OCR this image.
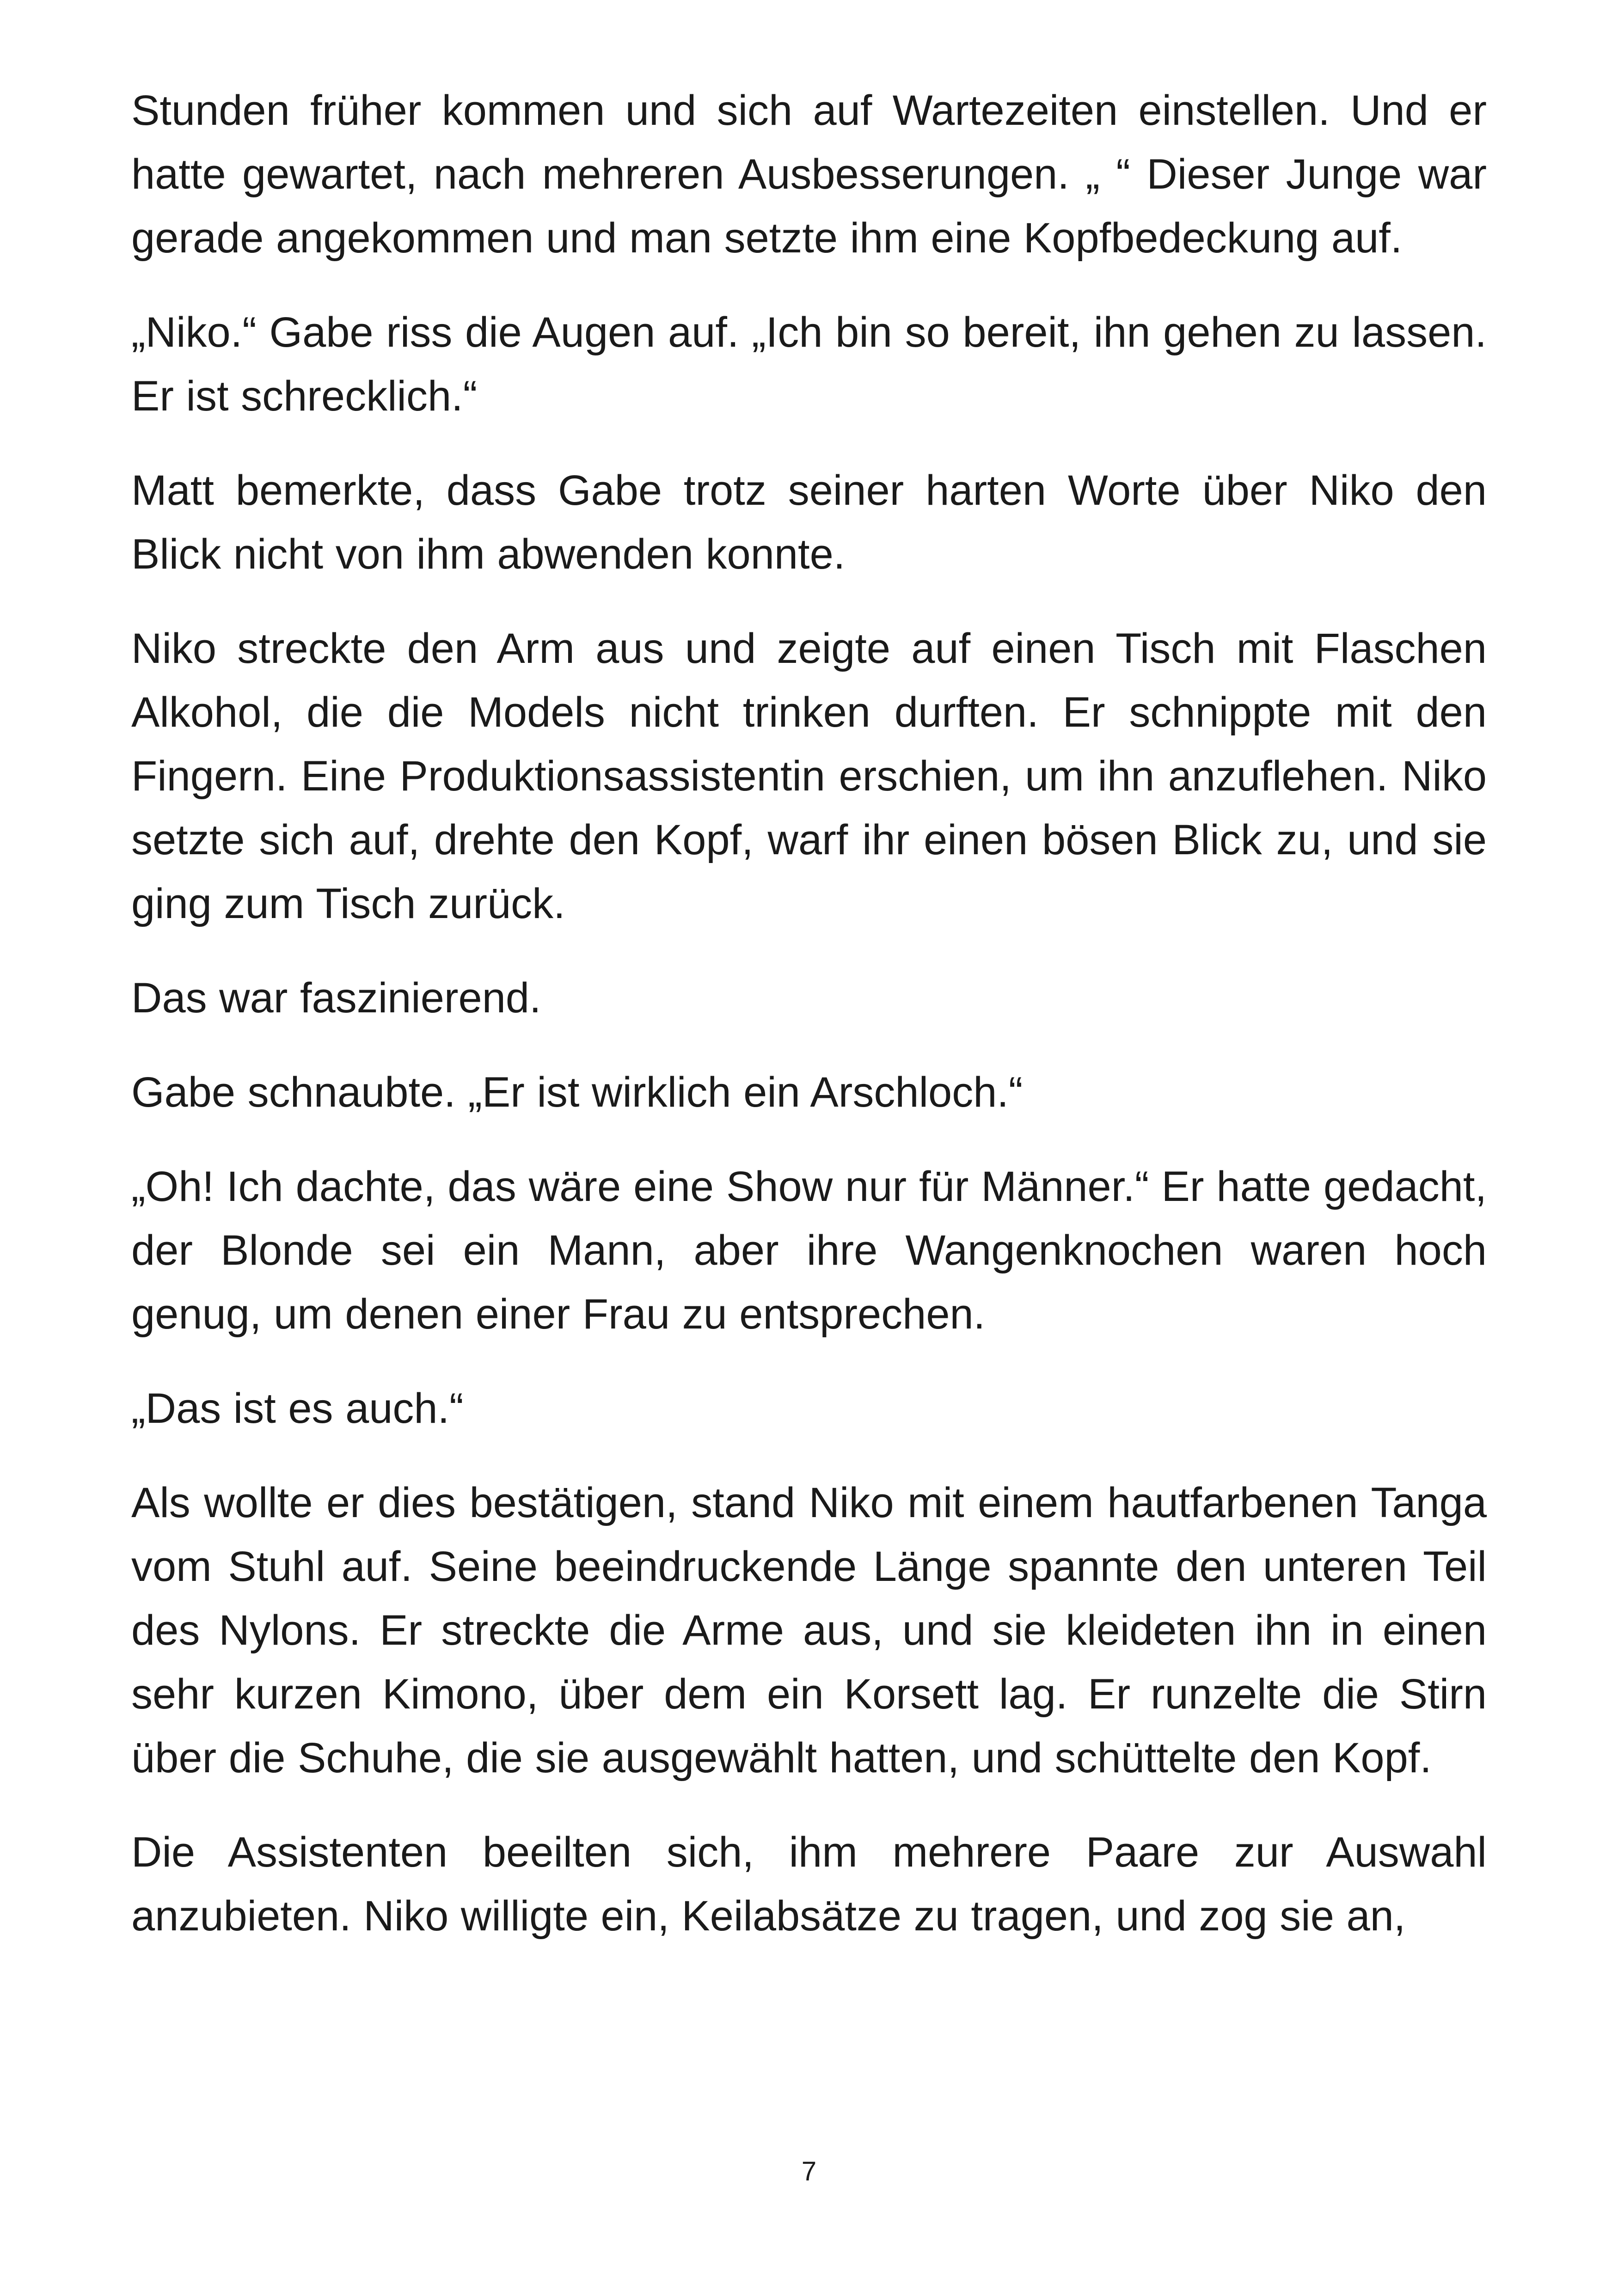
Stunden früher kommen und sich auf Wartezeiten einstellen. Und er hatte gewartet, nach mehreren Ausbesserungen. „ “ Dieser Junge war gerade angekommen und man setzte ihm eine Kopfbedeckung auf.

„Niko.“ Gabe riss die Augen auf. „Ich bin so bereit, ihn gehen zu lassen. Er ist schrecklich.“

Matt bemerkte, dass Gabe trotz seiner harten Worte über Niko den Blick nicht von ihm abwenden konnte.

Niko streckte den Arm aus und zeigte auf einen Tisch mit Flaschen Alkohol, die die Models nicht trinken durften. Er schnippte mit den Fingern. Eine Produktionsassistentin erschien, um ihn anzuflehen. Niko setzte sich auf, drehte den Kopf, warf ihr einen bösen Blick zu, und sie ging zum Tisch zurück.

Das war faszinierend.

Gabe schnaubte. „Er ist wirklich ein Arschloch.“

„Oh! Ich dachte, das wäre eine Show nur für Männer.“ Er hatte gedacht, der Blonde sei ein Mann, aber ihre Wangenknochen waren hoch genug, um denen einer Frau zu entsprechen.

„Das ist es auch.“

Als wollte er dies bestätigen, stand Niko mit einem hautfarbenen Tanga vom Stuhl auf. Seine beeindruckende Länge spannte den unteren Teil des Nylons. Er streckte die Arme aus, und sie kleideten ihn in einen sehr kurzen Kimono, über dem ein Korsett lag. Er runzelte die Stirn über die Schuhe, die sie ausgewählt hatten, und schüttelte den Kopf.

Die Assistenten beeilten sich, ihm mehrere Paare zur Auswahl anzubieten. Niko willigte ein, Keilabsätze zu tragen, und zog sie an,

7
